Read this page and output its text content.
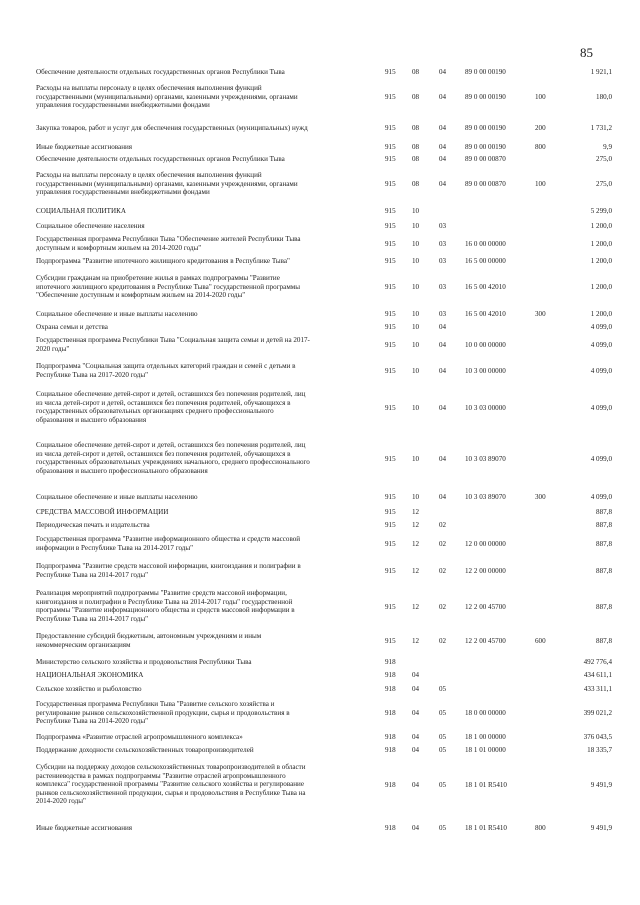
85
Обеспечение деятельности отдельных государственных органов Республики Тыва	915 08	04	89 0 00 00190	1 921,1
Расходы на выплаты персоналу в целях обеспечения выполнения функций
государственными (муниципальными) органами, казенными учреждениями, органами
управления государственными внебюджетными фондами
915 08	04	89 0 00 00190	100	180,0
Закупка товаров, работ и услуг для обеспечения государственных (муниципальных) нужд	915 08	04	89 0 00 00190	200	1 731,2
Иные бюджетные ассигнования	915 08	04	89 0 00 00190	800	9,9
Обеспечение деятельности отдельных государственных органов Республики Тыва	915 08	04	89 0 00 00870	275,0
Расходы на выплаты персоналу в целях обеспечения выполнения функций
государственными (муниципальными) органами, казенными учреждениями, органами
управления государственными внебюджетными фондами
915 08	04	89 0 00 00870	100	275,0
СОЦИАЛЬНАЯ ПОЛИТИКА	915 10	5 299,0
Социальное обеспечение населения	915 10	03	1 200,0
Государственная программа Республики Тыва "Обеспечение жителей Республики Тыва
доступным и комфортным жильем на 2014-2020 годы"	915 10	03	16 0 00 00000	1 200,0
Подпрограмма "Развитие ипотечного жилищного кредитования в Республике Тыва"	915 10	03	16 5 00 00000	1 200,0
Субсидии гражданам на приобретение жилья в рамках подпрограммы "Развитие
ипотечного жилищного кредитования в Республике Тыва" государственной программы
"Обеспечение доступным и комфортным жильем на 2014-2020 годы"
915 10	03	16 5 00 42010	1 200,0
Социальное обеспечение и иные выплаты населению	915 10	03	16 5 00 42010	300	1 200,0
Охрана семьи и детства	915 10	04	4 099,0
Государственная программа Республики Тыва "Социальная защита семьи и детей на 2017-
2020 годы"	915 10	04	10 0 00 00000	4 099,0
Подпрограмма "Социальная защита отдельных категорий граждан и семей с детьми в
Республике Тыва на 2017-2020 годы"	915 10	04	10 3 00 00000	4 099,0
Социальное обеспечение детей-сирот и детей, оставшихся без попечения родителей, лиц
из числа детей-сирот и детей, оставшихся без попечения родителей, обучающихся в
государственных образовательных организациях среднего профессионального
образования и высшего образования
915 10	04	10 3 03 00000	4 099,0
Социальное обеспечение детей-сирот и детей, оставшихся без попечения родителей, лиц
из числа детей-сирот и детей, оставшихся без попечения родителей, обучающихся в
государственных образовательных учреждениях начального, среднего профессионального
образования и высшего профессионального образования
915 10	04	10 3 03 89070	4 099,0
Социальное обеспечение и иные выплаты населению	915 10	04	10 3 03 89070	300	4 099,0
СРЕДСТВА МАССОВОЙ ИНФОРМАЦИИ	915 12	887,8
Периодическая печать и издательства	915 12	02	887,8
Государственная программа "Развитие информационного общества и средств массовой
информации в Республике Тыва на 2014-2017 годы"	915 12	02	12 0 00 00000	887,8
Подпрограмма "Развитие средств массовой информации, книгоиздания и полиграфии в
Республике Тыва на 2014-2017 годы"	915 12	02	12 2 00 00000	887,8
Реализация мероприятий подпрограммы "Развитие средств массовой информации,
книгоиздания и полиграфии в Республике Тыва на 2014-2017 годы" государственной
программы "Развитие информационного общества и средств массовой информации в
Республике Тыва на 2014-2017 годы"
915 12	02	12 2 00 45700	887,8
Предоставление субсидий бюджетным, автономным учреждениям и иным
некоммерческим организациям	915 12	02	12 2 00 45700	600	887,8
Министерство сельского хозяйства и продовольствия Республики Тыва	918	492 776,4
НАЦИОНАЛЬНАЯ ЭКОНОМИКА	918 04	434 611,1
Сельское хозяйство и рыболовство	918 04	05	433 311,1
Государственная программа Республики Тыва "Развитие сельского хозяйства и
регулирование рынков сельскохозяйственной продукции, сырья и продовольствия в
Республике Тыва на 2014-2020 годы"
918 04	05	18 0 00 00000	399 021,2
Подпрограмма «Развитие отраслей агропромышленного комплекса»	918 04	05	18 1 00 00000	376 043,5
Поддержание доходности сельскохозяйственных товаропроизводителей	918 04	05	18 1 01 00000	18 335,7
Субсидии на поддержку доходов сельскохозяйственных товаропроизводителей в области
растениеводства в рамках подпрограммы "Развитие отраслей агропромышленного
комплекса" государственной программы "Развитие сельского хозяйства и регулирование
рынков сельскохозяйственной продукции, сырья и продовольствия в Республике Тыва на
2014-2020 годы"
918 04	05	18 1 01 R5410	9 491,9
Иные бюджетные ассигнования	918 04	05	18 1 01 R5410	800	9 491,9
